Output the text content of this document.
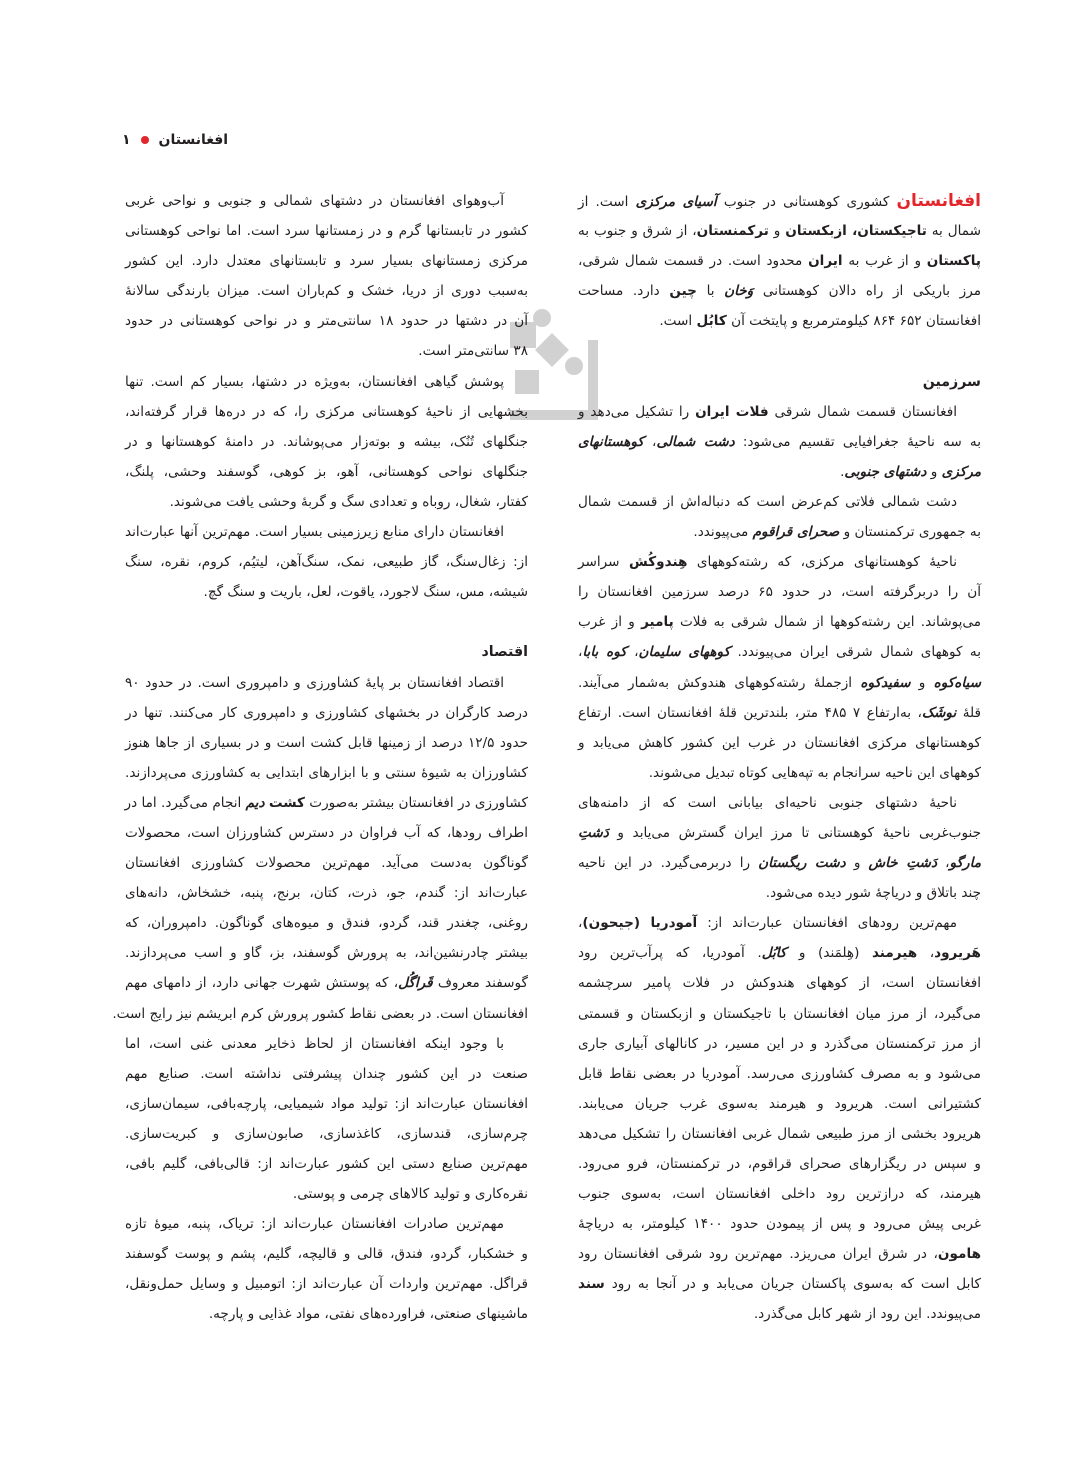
۱ افغانستان
افغانستان کشوری کوهستانی در جنوب آسیای مرکزی است. از
شمال به تاجیکستان، ازبکستان و ترکمنستان، از شرق و جنوب به
پاکستان و از غرب به ایران محدود است. در قسمت شمال شرقی،
مرز باریکی از راه دالان کوهستانی وَخان با چین دارد. مساحت
افغانستان ۶۵۲ ۸۶۴ کیلومترمربع و پایتخت آن کابُل است.
سرزمین
افغانستان قسمت شمال شرقی فلات ایران را تشکیل می‌دهد و
به سه ناحیهٔ جغرافیایی تقسیم می‌شود: دشت شمالی، کوهستانهای
مرکزی و دشتهای جنوبی.
دشت شمالی فلاتی کم‌عرض است که دنباله‌اش از قسمت شمال
به جمهوری ترکمنستان و صحرای قراقوم می‌پیوندد.
ناحیهٔ کوهستانهای مرکزی، که رشته‌کوههای هِندوکُش سراسر
آن را دربرگرفته است، در حدود ۶۵ درصد سرزمین افغانستان را
می‌پوشاند. این رشته‌کوهها از شمال شرقی به فلات پامیر و از غرب
به کوههای شمال شرقی ایران می‌پیوندد. کوههای سلیمان، کوه بابا،
سیاه‌کوه و سفیدکوه ازجملهٔ رشته‌کوههای هندوکش به‌شمار می‌آیند.
قلهٔ نوشَک، به‌ارتفاع ۷ ۴۸۵ متر، بلندترین قلهٔ افغانستان است. ارتفاع
کوهستانهای مرکزی افغانستان در غرب این کشور کاهش می‌یابد و
کوههای این ناحیه سرانجام به تپه‌هایی کوتاه تبدیل می‌شوند.
ناحیهٔ دشتهای جنوبی ناحیه‌ای بیابانی است که از دامنه‌های
جنوب‌غربی ناحیهٔ کوهستانی تا مرز ایران گسترش می‌یابد و دَشتِ
مارگو، دَشتِ خاش و دشت ریگستان را دربرمی‌گیرد. در این ناحیه
چند باتلاق و دریاچهٔ شور دیده می‌شود.
مهم‌ترین رودهای افغانستان عبارت‌اند از: آمودریا (جیحون)،
هَریرود، هیرمند (هِلمَند) و کابُل. آمودریا، که پرآب‌ترین رود
افغانستان است، از کوههای هندوکش در فلات پامیر سرچشمه
می‌گیرد، از مرز میان افغانستان با تاجیکستان و ازبکستان و قسمتی
از مرز ترکمنستان می‌گذرد و در این مسیر، در کانالهای آبیاری جاری
می‌شود و به مصرف کشاورزی می‌رسد. آمودریا در بعضی نقاط قابل
کشتیرانی است. هریرود و هیرمند به‌سوی غرب جریان می‌یابند.
هریرود بخشی از مرز طبیعی شمال غربی افغانستان را تشکیل می‌دهد
و سپس در ریگزارهای صحرای قراقوم، در ترکمنستان، فرو می‌رود.
هیرمند، که درازترین رود داخلی افغانستان است، به‌سوی جنوب
غربی پیش می‌رود و پس از پیمودن حدود ۱۴۰۰ کیلومتر، به دریاچهٔ
هامون، در شرق ایران می‌ریزد. مهم‌ترین رود شرقی افغانستان رود
کابل است که به‌سوی پاکستان جریان می‌یابد و در آنجا به رود سند
می‌پیوندد. این رود از شهر کابل می‌گذرد.
آب‌وهوای افغانستان در دشتهای شمالی و جنوبی و نواحی غربی
کشور در تابستانها گرم و در زمستانها سرد است. اما نواحی کوهستانی
مرکزی زمستانهای بسیار سرد و تابستانهای معتدل دارد. این کشور
به‌سبب دوری از دریا، خشک و کم‌باران است. میزان بارندگی سالانهٔ
آن در دشتها در حدود ۱۸ سانتی‌متر و در نواحی کوهستانی در حدود
۳۸ سانتی‌متر است.
پوشش گیاهی افغانستان، به‌ویژه در دشتها، بسیار کم است. تنها
بخشهایی از ناحیهٔ کوهستانی مرکزی را، که در دره‌ها قرار گرفته‌اند،
جنگلهای تُنُک، بیشه و بوته‌زار می‌پوشاند. در دامنهٔ کوهستانها و در
جنگلهای نواحی کوهستانی، آهو، بز کوهی، گوسفند وحشی، پلنگ،
کفتار، شغال، روباه و تعدادی سگ و گربهٔ وحشی یافت می‌شوند.
افغانستان دارای منابع زیرزمینی بسیار است. مهم‌ترین آنها عبارت‌اند
از: زغال‌سنگ، گاز طبیعی، نمک، سنگ‌آهن، لیتیُم، کروم، نقره، سنگ
شیشه، مس، سنگ لاجورد، یاقوت، لعل، باریت و سنگ گچ.
اقتصاد
اقتصاد افغانستان بر پایهٔ کشاورزی و دامپروری است. در حدود ۹۰
درصد کارگران در بخشهای کشاورزی و دامپروری کار می‌کنند. تنها در
حدود ۱۲/۵ درصد از زمینها قابل کشت است و در بسیاری از جاها هنوز
کشاورزان به شیوهٔ سنتی و با ابزارهای ابتدایی به کشاورزی می‌پردازند.
کشاورزی در افغانستان بیشتر به‌صورت کشت دیم انجام می‌گیرد. اما در
اطراف رودها، که آب فراوان در دسترس کشاورزان است، محصولات
گوناگون به‌دست می‌آید. مهم‌ترین محصولات کشاورزی افغانستان
عبارت‌اند از: گندم، جو، ذرت، کتان، برنج، پنبه، خشخاش، دانه‌های
روغنی، چغندر قند، گردو، فندق و میوه‌های گوناگون. دامپروران، که
بیشتر چادرنشین‌اند، به پرورش گوسفند، بز، گاو و اسب می‌پردازند.
گوسفند معروف قَراگُل، که پوستش شهرت جهانی دارد، از دامهای مهم
افغانستان است. در بعضی نقاط کشور پرورش کرم ابریشم نیز رایج است.
با وجود اینکه افغانستان از لحاظ ذخایر معدنی غنی است، اما
صنعت در این کشور چندان پیشرفتی نداشته است. صنایع مهم
افغانستان عبارت‌اند از: تولید مواد شیمیایی، پارچه‌بافی، سیمان‌سازی،
چرم‌سازی، قندسازی، کاغذسازی، صابون‌سازی و کبریت‌سازی.
مهم‌ترین صنایع دستی این کشور عبارت‌اند از: قالی‌بافی، گلیم بافی،
نقره‌کاری و تولید کالاهای چرمی و پوستی.
مهم‌ترین صادرات افغانستان عبارت‌اند از: تریاک، پنبه، میوهٔ تازه
و خشکبار، گردو، فندق، قالی و قالیچه، گلیم، پشم و پوست گوسفند
قراگل. مهم‌ترین واردات آن عبارت‌اند از: اتومبیل و وسایل حمل‌ونقل،
ماشینهای صنعتی، فراورده‌های نفتی، مواد غذایی و پارچه.
